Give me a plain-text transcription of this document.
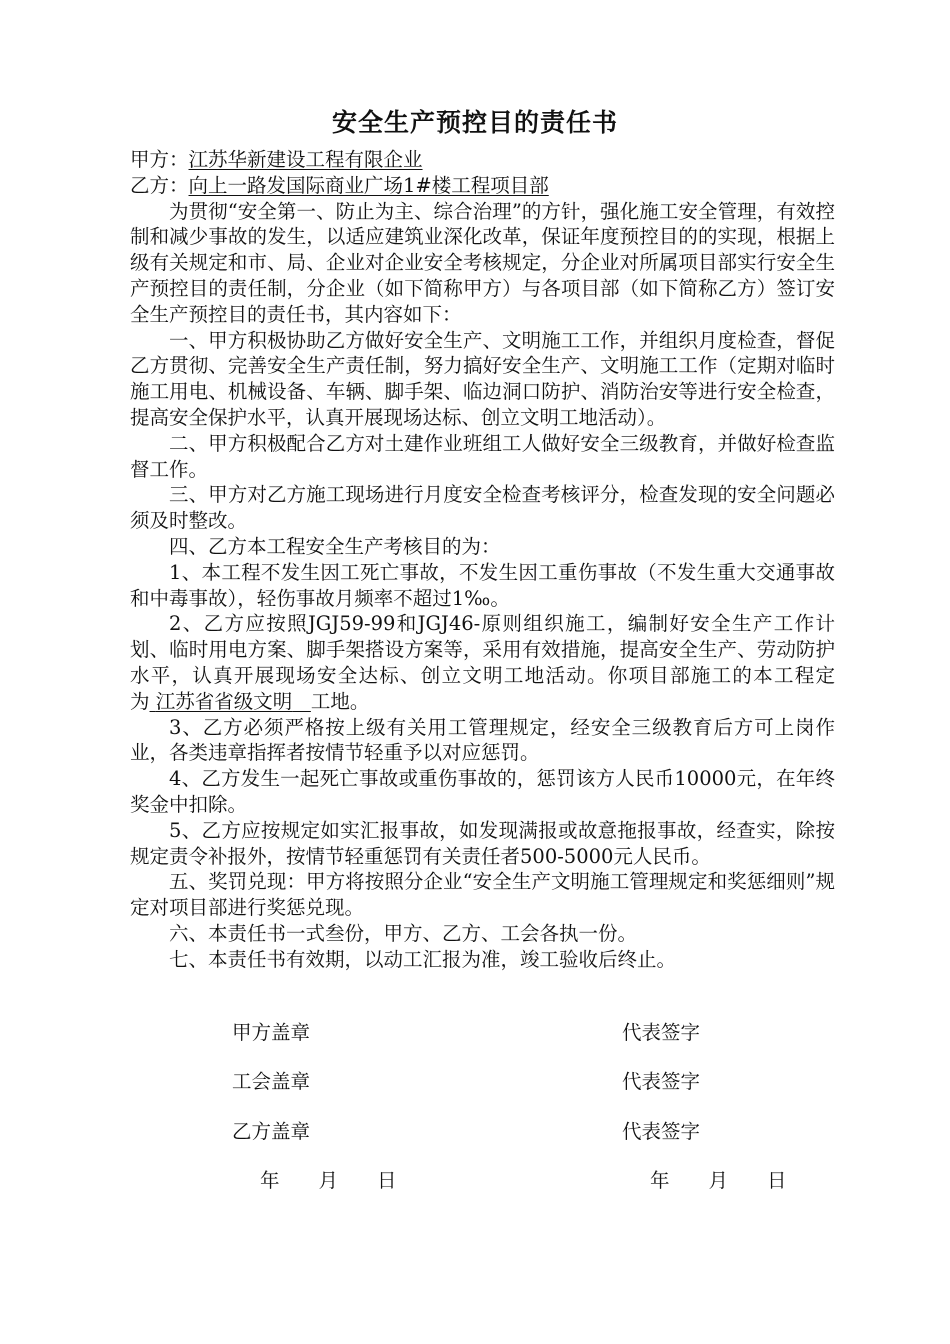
安全生产预控目的责任书

甲方：江苏华新建设工程有限企业

乙方：向上一路发国际商业广场1#楼工程项目部

为贯彻“安全第一、防止为主、综合治理”的方针，强化施工安全管理，有效控制和减少事故的发生，以适应建筑业深化改革，保证年度预控目的的实现，根据上级有关规定和市、局、企业对企业安全考核规定，分企业对所属项目部实行安全生产预控目的责任制，分企业（如下简称甲方）与各项目部（如下简称乙方）签订安全生产预控目的责任书，其内容如下：

一、甲方积极协助乙方做好安全生产、文明施工工作，并组织月度检查，督促乙方贯彻、完善安全生产责任制，努力搞好安全生产、文明施工工作（定期对临时施工用电、机械设备、车辆、脚手架、临边洞口防护、消防治安等进行安全检查，提高安全保护水平，认真开展现场达标、创立文明工地活动）。

二、甲方积极配合乙方对土建作业班组工人做好安全三级教育，并做好检查监督工作。

三、甲方对乙方施工现场进行月度安全检查考核评分，检查发现的安全问题必须及时整改。

四、乙方本工程安全生产考核目的为：

1、本工程不发生因工死亡事故，不发生因工重伤事故（不发生重大交通事故和中毒事故），轻伤事故月频率不超过1‰。

2、乙方应按照JGJ59-99和JGJ46-原则组织施工，编制好安全生产工作计划、临时用电方案、脚手架搭设方案等，采用有效措施，提高安全生产、劳动防护水平，认真开展现场安全达标、创立文明工地活动。你项目部施工的本工程定为 江苏省省级文明 工地。

3、乙方必须严格按上级有关用工管理规定，经安全三级教育后方可上岗作业，各类违章指挥者按情节轻重予以对应惩罚。

4、乙方发生一起死亡事故或重伤事故的，惩罚该方人民币10000元，在年终奖金中扣除。

5、乙方应按规定如实汇报事故，如发现满报或故意拖报事故，经查实，除按规定责令补报外，按情节轻重惩罚有关责任者500-5000元人民币。

五、奖罚兑现：甲方将按照分企业“安全生产文明施工管理规定和奖惩细则”规定对项目部进行奖惩兑现。

六、本责任书一式叁份，甲方、乙方、工会各执一份。

七、本责任书有效期，以动工汇报为准，竣工验收后终止。

甲方盖章	代表签字
工会盖章	代表签字
乙方盖章	代表签字
年　　月　　日	年　　月　　日
